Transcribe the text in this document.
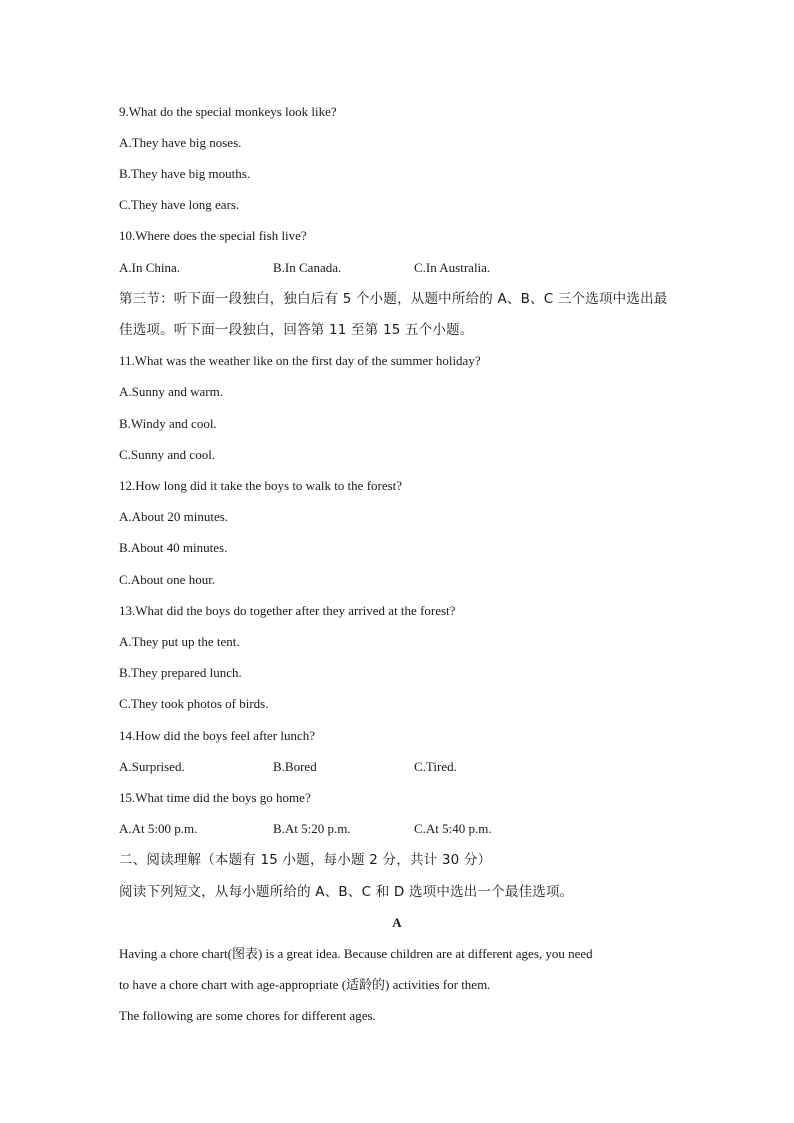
9.What do the special monkeys look like?
A.They have big noses.
B.They have big mouths.
C.They have long ears.
10.Where does the special fish live?
A.In China.	B.In Canada.	C.In Australia.
第三节：听下面一段独白，独白后有 5 个小题，从题中所给的 A、B、C 三个选项中选出最
佳选项。听下面一段独白，回答第 11 至第 15 五个小题。
11.What was the weather like on the first day of the summer holiday?
A.Sunny and warm.
B.Windy and cool.
C.Sunny and cool.
12.How long did it take the boys to walk to the forest?
A.About 20 minutes.
B.About 40 minutes.
C.About one hour.
13.What did the boys do together after they arrived at the forest?
A.They put up the tent.
B.They prepared lunch.
C.They took photos of birds.
14.How did the boys feel after lunch?
A.Surprised.	B.Bored	C.Tired.
15.What time did the boys go home?
A.At 5:00 p.m.	B.At 5:20 p.m.	C.At 5:40 p.m.
二、阅读理解（本题有 15 小题，每小题 2 分，共计 30 分）
阅读下列短文，从每小题所给的 A、B、C 和 D 选项中选出一个最佳选项。
A
Having a chore chart(图表) is a great idea. Because children are at different ages, you need
to have a chore chart with age-appropriate (适龄的) activities for them.
The following are some chores for different ages.
